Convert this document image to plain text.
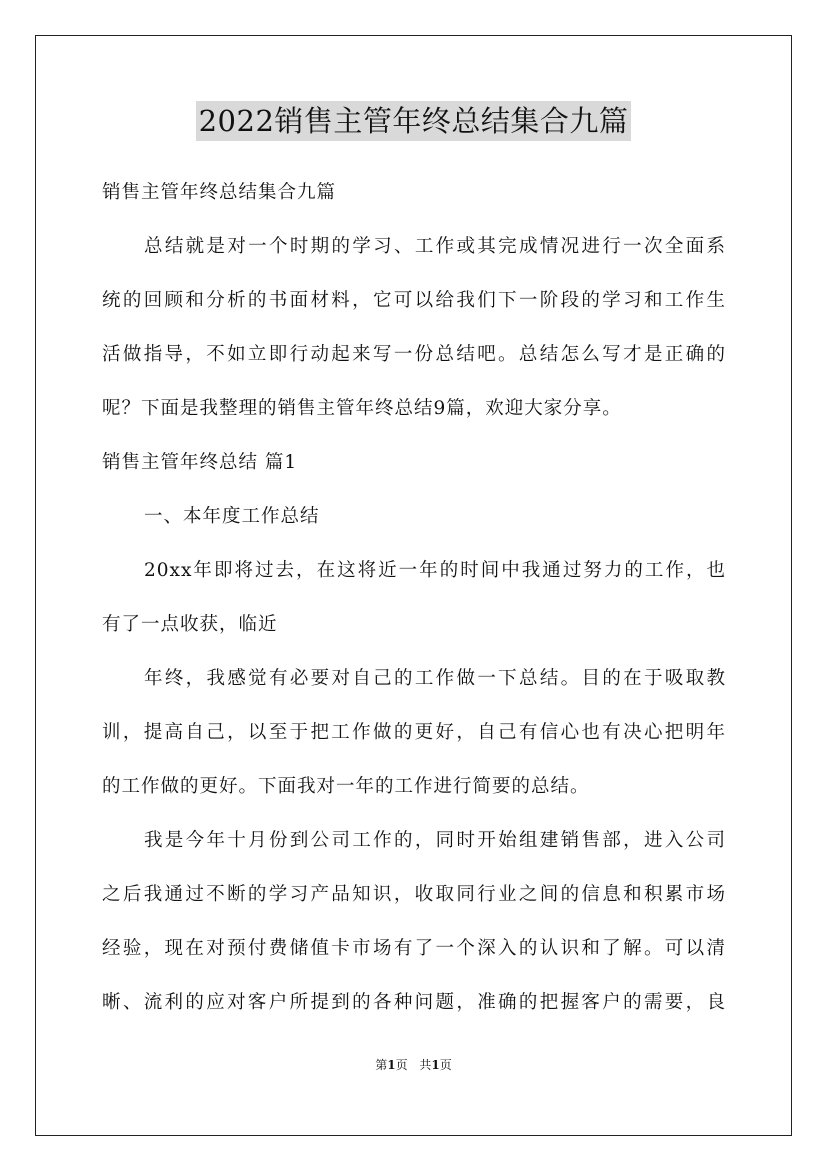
2022销售主管年终总结集合九篇
销售主管年终总结集合九篇
总结就是对一个时期的学习、工作或其完成情况进行一次全面系
统的回顾和分析的书面材料，它可以给我们下一阶段的学习和工作生
活做指导，不如立即行动起来写一份总结吧。总结怎么写才是正确的
呢？下面是我整理的销售主管年终总结9篇，欢迎大家分享。
销售主管年终总结 篇1
一、本年度工作总结
20xx年即将过去，在这将近一年的时间中我通过努力的工作，也
有了一点收获，临近
年终，我感觉有必要对自己的工作做一下总结。目的在于吸取教
训，提高自己，以至于把工作做的更好，自己有信心也有决心把明年
的工作做的更好。下面我对一年的工作进行简要的总结。
我是今年十月份到公司工作的，同时开始组建销售部，进入公司
之后我通过不断的学习产品知识，收取同行业之间的信息和积累市场
经验，现在对预付费储值卡市场有了一个深入的认识和了解。可以清
晰、流利的应对客户所提到的各种问题，准确的把握客户的需要，良
第1页 共1页
